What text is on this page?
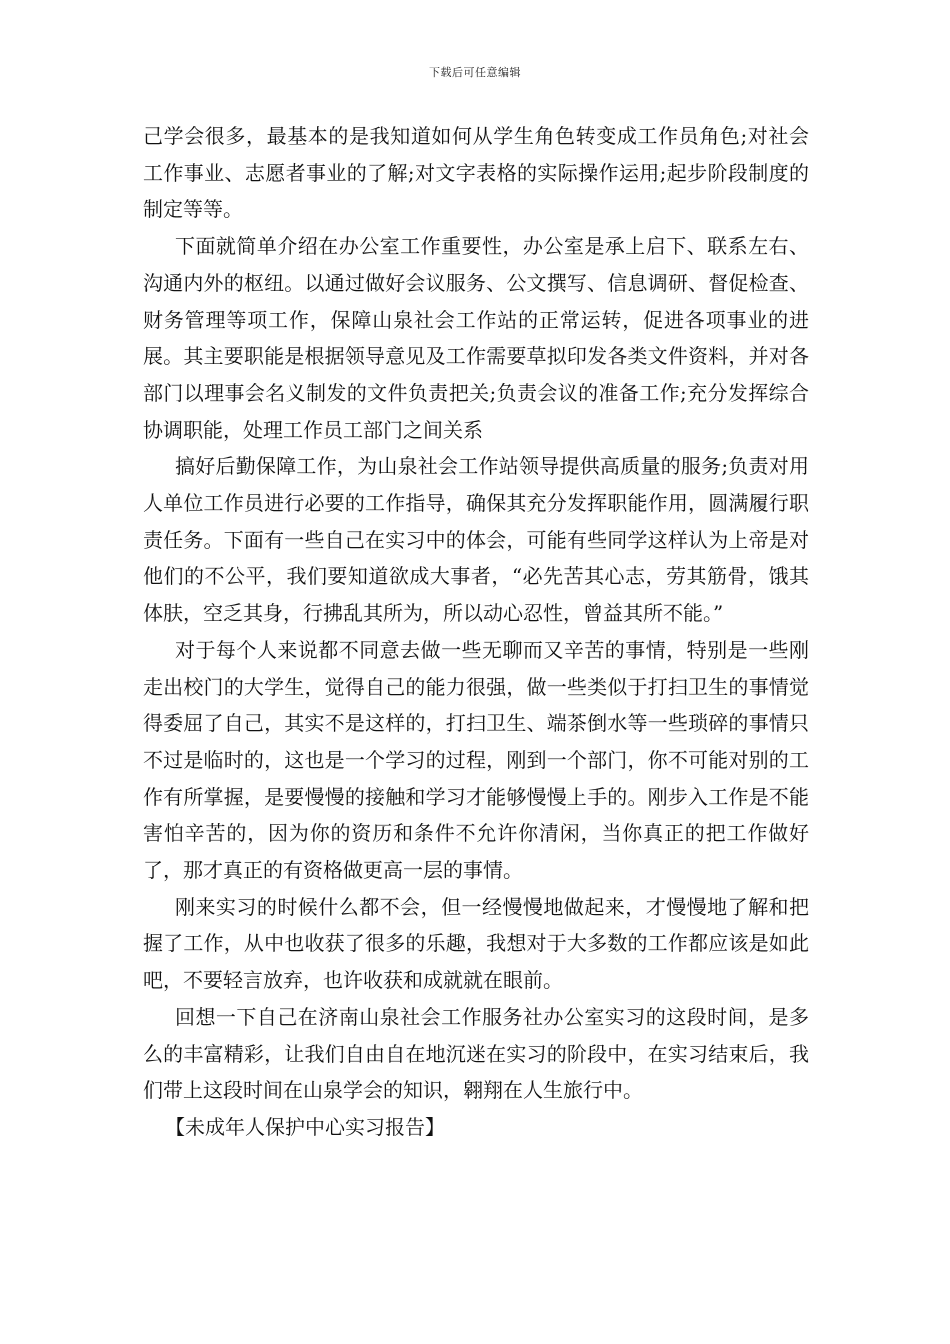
下载后可任意编辑

己学会很多，最基本的是我知道如何从学生角色转变成工作员角色;对社会工作事业、志愿者事业的了解;对文字表格的实际操作运用;起步阶段制度的制定等等。

下面就简单介绍在办公室工作重要性，办公室是承上启下、联系左右、沟通内外的枢纽。以通过做好会议服务、公文撰写、信息调研、督促检查、财务管理等项工作，保障山泉社会工作站的正常运转，促进各项事业的进展。其主要职能是根据领导意见及工作需要草拟印发各类文件资料，并对各部门以理事会名义制发的文件负责把关;负责会议的准备工作;充分发挥综合协调职能，处理工作员工部门之间关系

搞好后勤保障工作，为山泉社会工作站领导提供高质量的服务;负责对用人单位工作员进行必要的工作指导，确保其充分发挥职能作用，圆满履行职责任务。下面有一些自己在实习中的体会，可能有些同学这样认为上帝是对他们的不公平，我们要知道欲成大事者，“必先苦其心志，劳其筋骨，饿其体肤，空乏其身，行拂乱其所为，所以动心忍性，曾益其所不能。”

对于每个人来说都不同意去做一些无聊而又辛苦的事情，特别是一些刚走出校门的大学生，觉得自己的能力很强，做一些类似于打扫卫生的事情觉得委屈了自己，其实不是这样的，打扫卫生、端茶倒水等一些琐碎的事情只不过是临时的，这也是一个学习的过程，刚到一个部门，你不可能对别的工作有所掌握，是要慢慢的接触和学习才能够慢慢上手的。刚步入工作是不能害怕辛苦的，因为你的资历和条件不允许你清闲，当你真正的把工作做好了，那才真正的有资格做更高一层的事情。

刚来实习的时候什么都不会，但一经慢慢地做起来，才慢慢地了解和把握了工作，从中也收获了很多的乐趣，我想对于大多数的工作都应该是如此吧，不要轻言放弃，也许收获和成就就在眼前。

回想一下自己在济南山泉社会工作服务社办公室实习的这段时间，是多么的丰富精彩，让我们自由自在地沉迷在实习的阶段中，在实习结束后，我们带上这段时间在山泉学会的知识，翱翔在人生旅行中。

【未成年人保护中心实习报告】
